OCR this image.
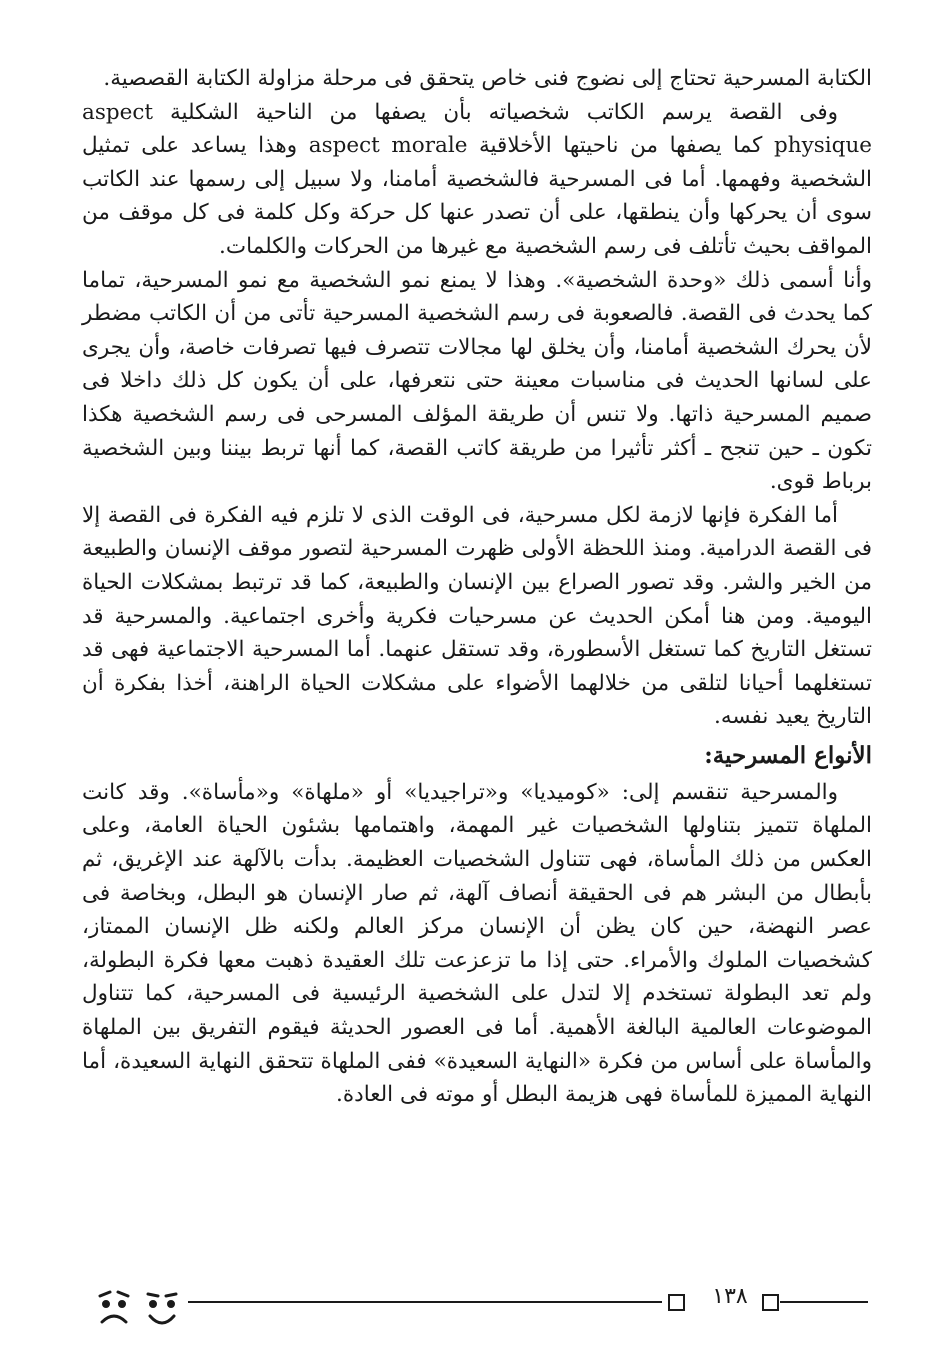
الكتابة المسرحية تحتاج إلى نضوج فنى خاص يتحقق فى مرحلة مزاولة الكتابة القصصية.

وفى القصة يرسم الكاتب شخصياته بأن يصفها من الناحية الشكلية aspect physique كما يصفها من ناحيتها الأخلاقية aspect morale وهذا يساعد على تمثيل الشخصية وفهمها. أما فى المسرحية فالشخصية أمامنا، ولا سبيل إلى رسمها عند الكاتب سوى أن يحركها وأن ينطقها، على أن تصدر عنها كل حركة وكل كلمة فى كل موقف من المواقف بحيث تأتلف فى رسم الشخصية مع غيرها من الحركات والكلمات.

وأنا أسمى ذلك «وحدة الشخصية». وهذا لا يمنع نمو الشخصية مع نمو المسرحية، تماما كما يحدث فى القصة. فالصعوبة فى رسم الشخصية المسرحية تأتى من أن الكاتب مضطر لأن يحرك الشخصية أمامنا، وأن يخلق لها مجالات تتصرف فيها تصرفات خاصة، وأن يجرى على لسانها الحديث فى مناسبات معينة حتى نتعرفها، على أن يكون كل ذلك داخلا فى صميم المسرحية ذاتها. ولا تنس أن طريقة المؤلف المسرحى فى رسم الشخصية هكذا تكون ـ حين تنجح ـ أكثر تأثيرا من طريقة كاتب القصة، كما أنها تربط بيننا وبين الشخصية برباط قوى.

أما الفكرة فإنها لازمة لكل مسرحية، فى الوقت الذى لا تلزم فيه الفكرة فى القصة إلا فى القصة الدرامية. ومنذ اللحظة الأولى ظهرت المسرحية لتصور موقف الإنسان والطبيعة من الخير والشر. وقد تصور الصراع بين الإنسان والطبيعة، كما قد ترتبط بمشكلات الحياة اليومية. ومن هنا أمكن الحديث عن مسرحيات فكرية وأخرى اجتماعية. والمسرحية قد تستغل التاريخ كما تستغل الأسطورة، وقد تستقل عنهما. أما المسرحية الاجتماعية فهى قد تستغلهما أحيانا لتلقى من خلالهما الأضواء على مشكلات الحياة الراهنة، أخذا بفكرة أن التاريخ يعيد نفسه.

الأنواع المسرحية:

والمسرحية تنقسم إلى: «كوميديا» و«تراجيديا» أو «ملهاة» و«مأساة». وقد كانت الملهاة تتميز بتناولها الشخصيات غير المهمة، واهتمامها بشئون الحياة العامة، وعلى العكس من ذلك المأساة، فهى تتناول الشخصيات العظيمة. بدأت بالآلهة عند الإغريق، ثم بأبطال من البشر هم فى الحقيقة أنصاف آلهة، ثم صار الإنسان هو البطل، وبخاصة فى عصر النهضة، حين كان يظن أن الإنسان مركز العالم ولكنه ظل الإنسان الممتاز، كشخصيات الملوك والأمراء. حتى إذا ما تزعزعت تلك العقيدة ذهبت معها فكرة البطولة، ولم تعد البطولة تستخدم إلا لتدل على الشخصية الرئيسية فى المسرحية، كما تتناول الموضوعات العالمية البالغة الأهمية. أما فى العصور الحديثة فيقوم التفريق بين الملهاة والمأساة على أساس من فكرة «النهاية السعيدة» ففى الملهاة تتحقق النهاية السعيدة، أما النهاية المميزة للمأساة فهى هزيمة البطل أو موته فى العادة.

١٣٨
